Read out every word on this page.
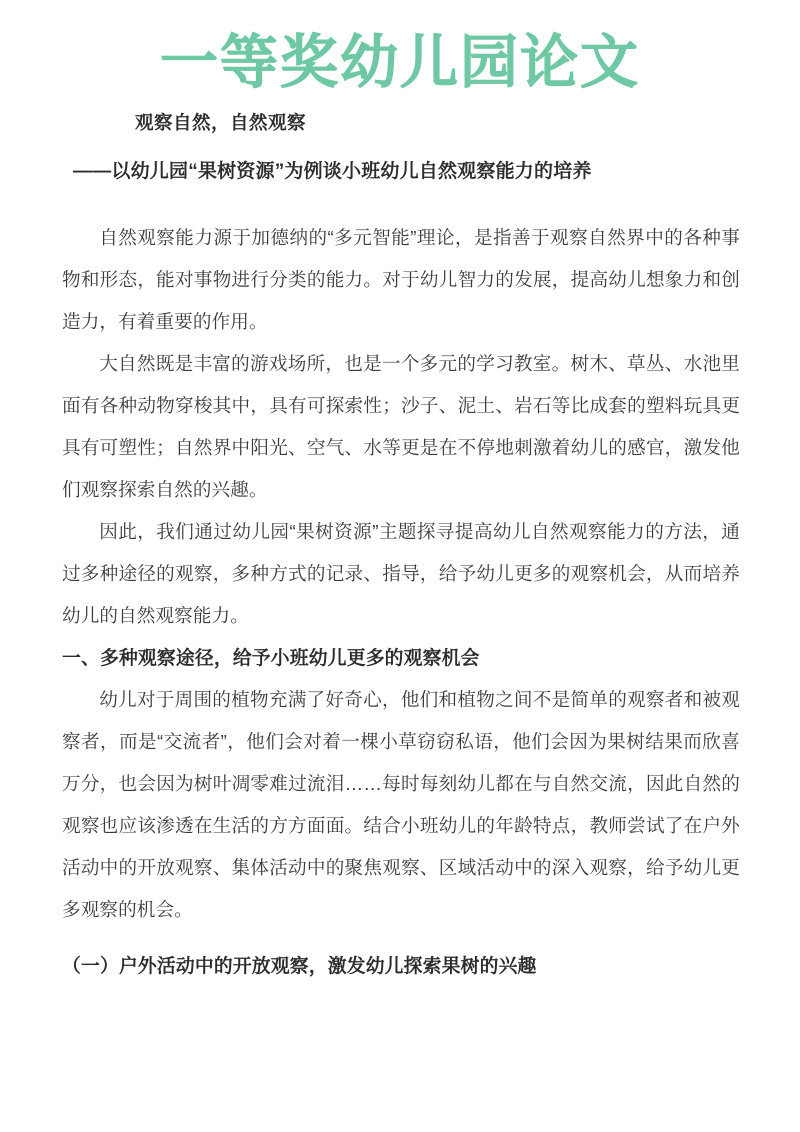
一等奖幼儿园论文
观察自然，自然观察
——以幼儿园“果树资源”为例谈小班幼儿自然观察能力的培养

自然观察能力源于加德纳的“多元智能”理论，是指善于观察自然界中的各种事物和形态，能对事物进行分类的能力。对于幼儿智力的发展，提高幼儿想象力和创造力，有着重要的作用。

大自然既是丰富的游戏场所，也是一个多元的学习教室。树木、草丛、水池里面有各种动物穿梭其中，具有可探索性；沙子、泥土、岩石等比成套的塑料玩具更具有可塑性；自然界中阳光、空气、水等更是在不停地刺激着幼儿的感官，激发他们观察探索自然的兴趣。

因此，我们通过幼儿园“果树资源”主题探寻提高幼儿自然观察能力的方法，通过多种途径的观察，多种方式的记录、指导，给予幼儿更多的观察机会，从而培养幼儿的自然观察能力。

一、多种观察途径，给予小班幼儿更多的观察机会

幼儿对于周围的植物充满了好奇心，他们和植物之间不是简单的观察者和被观察者，而是“交流者”，他们会对着一棵小草窃窃私语，他们会因为果树结果而欣喜万分，也会因为树叶凋零难过流泪……每时每刻幼儿都在与自然交流，因此自然的观察也应该渗透在生活的方方面面。结合小班幼儿的年龄特点，教师尝试了在户外活动中的开放观察、集体活动中的聚焦观察、区域活动中的深入观察，给予幼儿更多观察的机会。

（一）户外活动中的开放观察，激发幼儿探索果树的兴趣
